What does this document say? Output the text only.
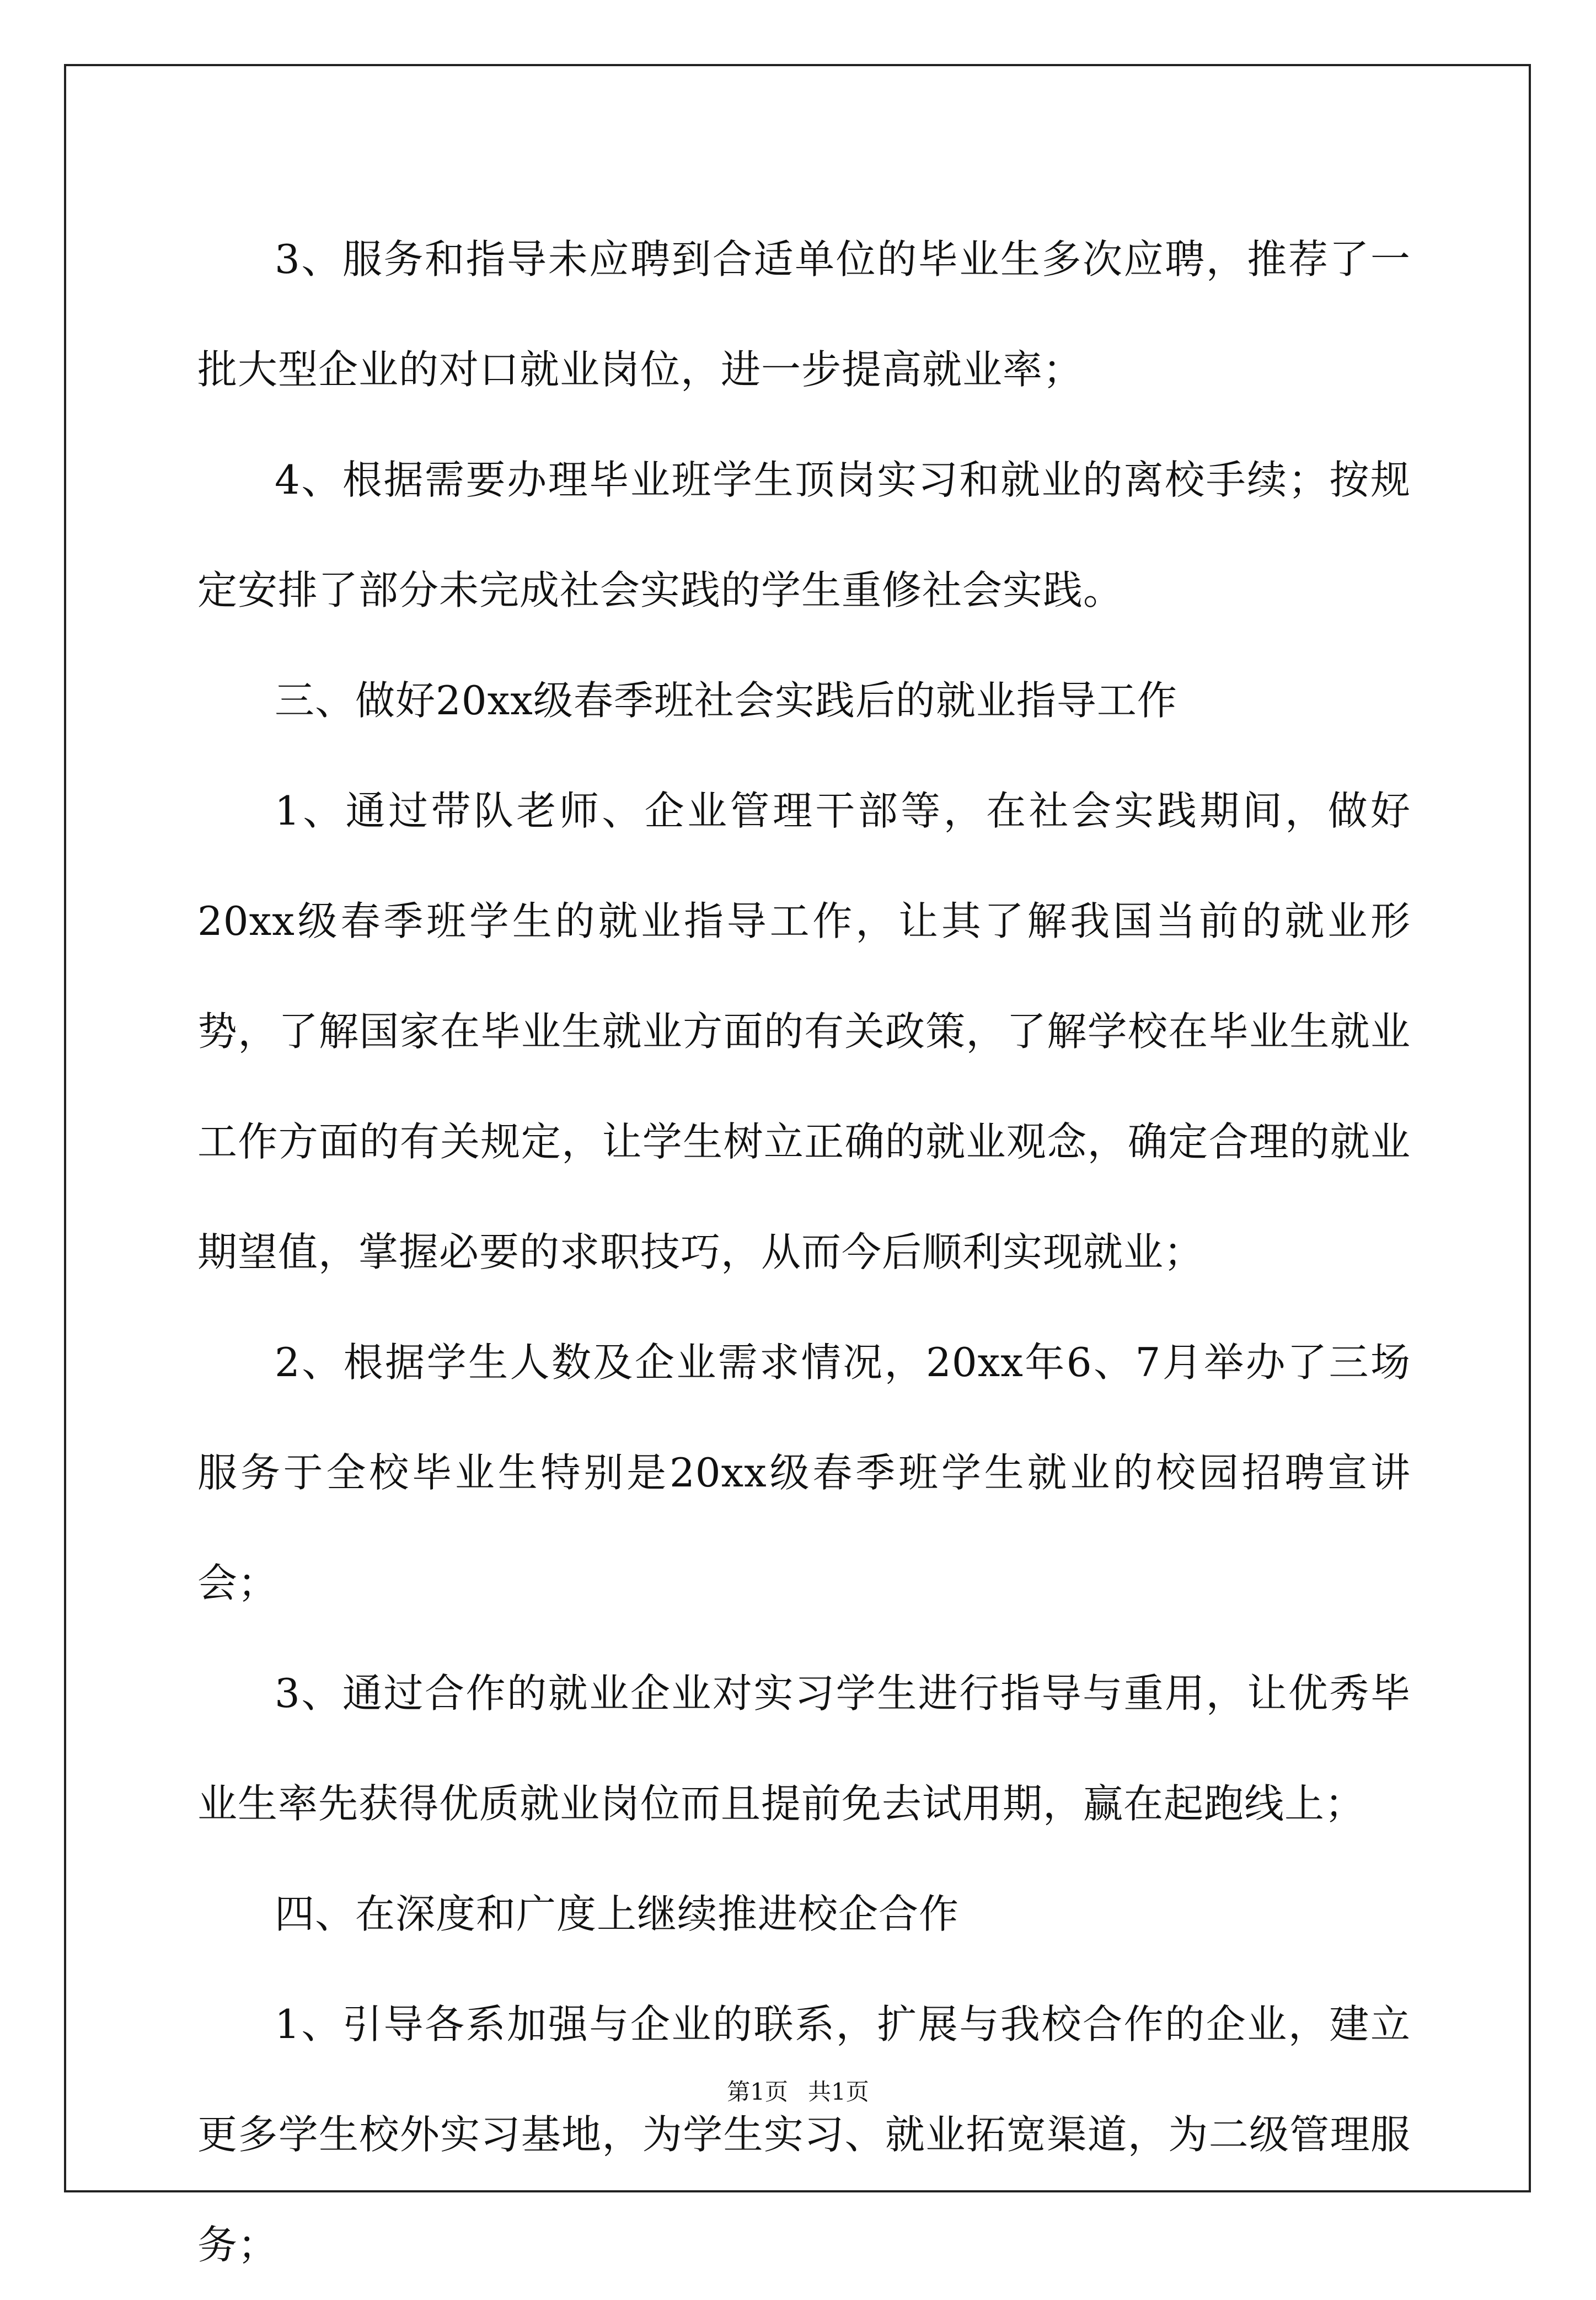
3、服务和指导未应聘到合适单位的毕业生多次应聘，推荐了一批大型企业的对口就业岗位，进一步提高就业率；

4、根据需要办理毕业班学生顶岗实习和就业的离校手续；按规定安排了部分未完成社会实践的学生重修社会实践。

三、做好20xx级春季班社会实践后的就业指导工作

1、通过带队老师、企业管理干部等，在社会实践期间，做好20xx级春季班学生的就业指导工作，让其了解我国当前的就业形势，了解国家在毕业生就业方面的有关政策，了解学校在毕业生就业工作方面的有关规定，让学生树立正确的就业观念，确定合理的就业期望值，掌握必要的求职技巧，从而今后顺利实现就业；

2、根据学生人数及企业需求情况，20xx年6、7月举办了三场服务于全校毕业生特别是20xx级春季班学生就业的校园招聘宣讲会；

3、通过合作的就业企业对实习学生进行指导与重用，让优秀毕业生率先获得优质就业岗位而且提前免去试用期，赢在起跑线上；

四、在深度和广度上继续推进校企合作

1、引导各系加强与企业的联系，扩展与我校合作的企业，建立更多学生校外实习基地，为学生实习、就业拓宽渠道，为二级管理服务；

第1页 共1页
